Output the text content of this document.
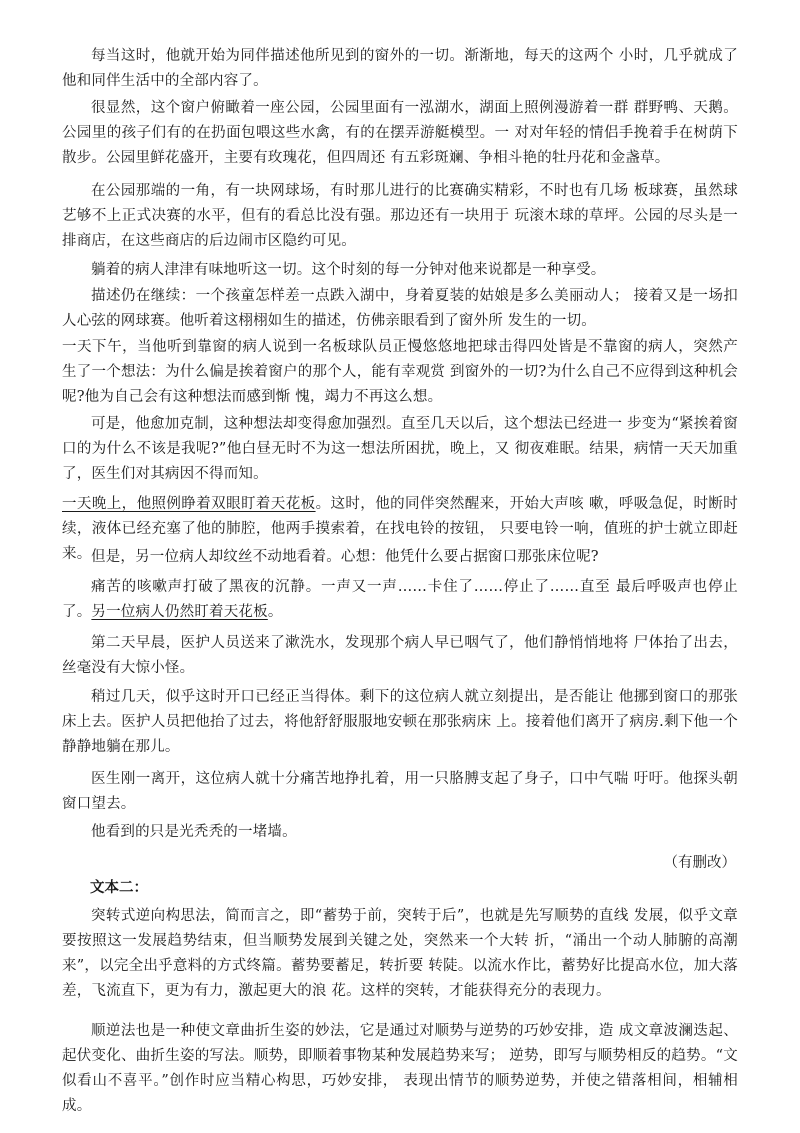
每当这时，他就开始为同伴描述他所见到的窗外的一切。渐渐地，每天的这两个 小时，几乎就成了他和同伴生活中的全部内容了。

很显然，这个窗户俯瞰着一座公园，公园里面有一泓湖水，湖面上照例漫游着一群 群野鸭、天鹅。公园里的孩子们有的在扔面包喂这些水禽，有的在摆弄游艇模型。一 对对年轻的情侣手挽着手在树荫下散步。公园里鲜花盛开，主要有玫瑰花，但四周还 有五彩斑斓、争相斗艳的牡丹花和金盏草。

在公园那端的一角，有一块网球场，有时那儿进行的比赛确实精彩，不时也有几场 板球赛，虽然球艺够不上正式决赛的水平，但有的看总比没有强。那边还有一块用于 玩滚木球的草坪。公园的尽头是一排商店，在这些商店的后边闹市区隐约可见。

躺着的病人津津有味地听这一切。这个时刻的每一分钟对他来说都是一种享受。

描述仍在继续：一个孩童怎样差一点跌入湖中，身着夏装的姑娘是多么美丽动人； 接着又是一场扣人心弦的网球赛。他听着这栩栩如生的描述，仿佛亲眼看到了窗外所 发生的一切。

一天下午，当他听到靠窗的病人说到一名板球队员正慢悠悠地把球击得四处皆是不靠窗的病人，突然产生了一个想法：为什么偏是挨着窗户的那个人，能有幸观赏 到窗外的一切?为什么自己不应得到这种机会呢?他为自己会有这种想法而感到惭 愧，竭力不再这么想。

可是，他愈加克制，这种想法却变得愈加强烈。直至几天以后，这个想法已经进一 步变为“紧挨着窗口的为什么不该是我呢?”他白昼无时不为这一想法所困扰，晚上，又 彻夜难眠。结果，病情一天天加重了，医生们对其病因不得而知。

一天晚上，他照例睁着双眼盯着天花板。这时，他的同伴突然醒来，开始大声咳 嗽，呼吸急促，时断时续，液体已经充塞了他的肺腔，他两手摸索着，在找电铃的按钮， 只要电铃一响，值班的护士就立即赶来。 但是，另一位病人却纹丝不动地看着。心想：他凭什么要占据窗口那张床位呢?

痛苦的咳嗽声打破了黑夜的沉静。一声又一声……卡住了……停止了……直至 最后呼吸声也停止了。另一位病人仍然盯着天花板。

第二天早晨，医护人员送来了漱洗水，发现那个病人早已咽气了，他们静悄悄地将 尸体抬了出去，丝毫没有大惊小怪。

稍过几天，似乎这时开口已经正当得体。剩下的这位病人就立刻提出，是否能让 他挪到窗口的那张床上去。医护人员把他抬了过去，将他舒舒服服地安顿在那张病床 上。接着他们离开了病房.剩下他一个静静地躺在那儿。

医生刚一离开，这位病人就十分痛苦地挣扎着，用一只胳膊支起了身子，口中气喘 吁吁。他探头朝窗口望去。

他看到的只是光秃秃的一堵墙。

（有删改）
文本二：

突转式逆向构思法，简而言之，即“蓄势于前，突转于后”，也就是先写顺势的直线 发展，似乎文章要按照这一发展趋势结束，但当顺势发展到关键之处，突然来一个大转 折，“涌出一个动人肺腑的高潮来”，以完全出乎意料的方式终篇。蓄势要蓄足，转折要 转陡。以流水作比，蓄势好比提高水位，加大落差，飞流直下，更为有力，激起更大的浪 花。这样的突转，才能获得充分的表现力。

顺逆法也是一种使文章曲折生姿的妙法，它是通过对顺势与逆势的巧妙安排，造 成文章波澜迭起、起伏变化、曲折生姿的写法。顺势，即顺着事物某种发展趋势来写； 逆势，即写与顺势相反的趋势。“文似看山不喜平。”创作时应当精心构思，巧妙安排， 表现出情节的顺势逆势，并使之错落相间，相辅相成。
